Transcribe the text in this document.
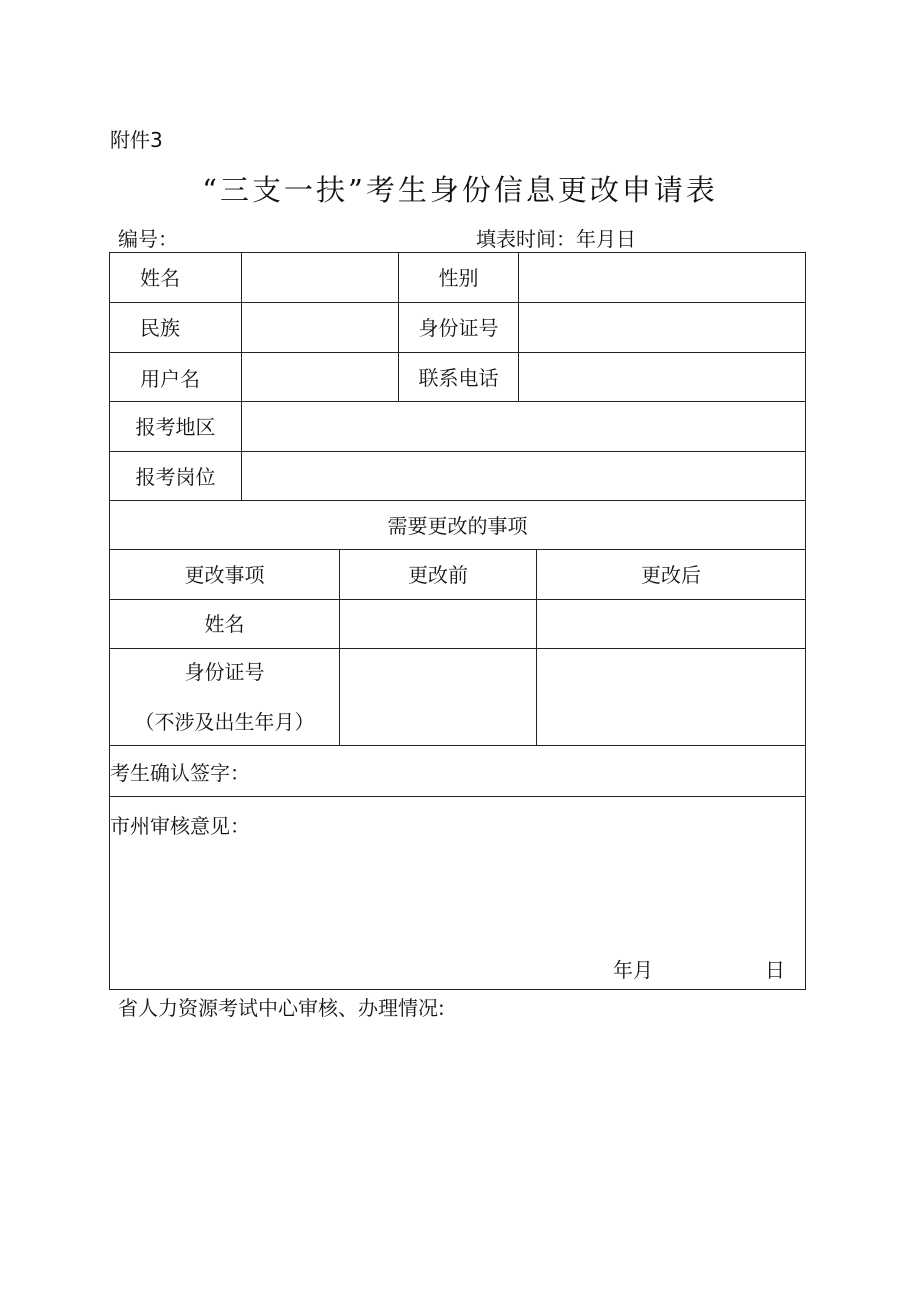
附件3
“三支一扶”考生身份信息更改申请表
编号：	填表时间：年月日
姓名	性别
民族	身份证号
用户名	联系电话
报考地区
报考岗位
需要更改的事项
更改事项	更改前	更改后
姓名
身份证号
（不涉及出生年月）
考生确认签字：
市州审核意见：
年月	日
省人力资源考试中心审核、办理情况:
